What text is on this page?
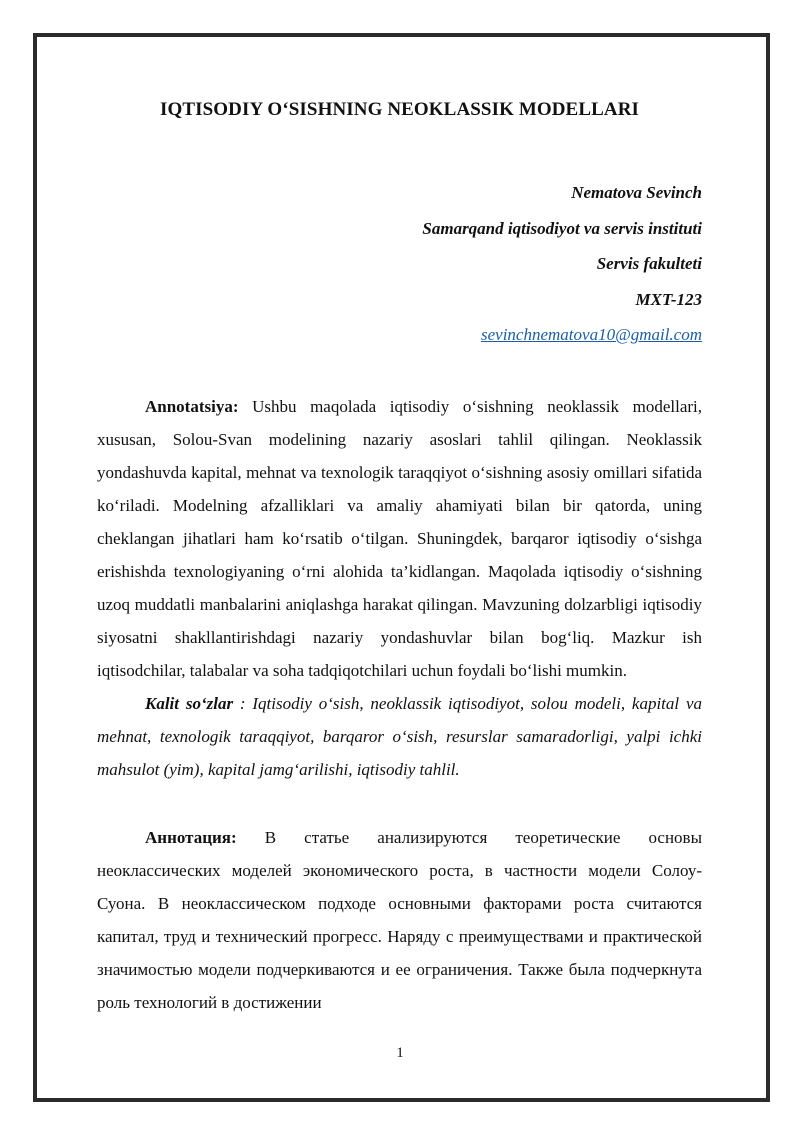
IQTISODIY O‘SISHNING NEOKLASSIK MODELLARI
Nematova Sevinch
Samarqand iqtisodiyot va servis instituti
Servis fakulteti
MXT-123
sevinchnematova10@gmail.com

Annotatsiya: Ushbu maqolada iqtisodiy o‘sishning neoklassik modellari, xususan, Solou-Svan modelining nazariy asoslari tahlil qilingan. Neoklassik yondashuvda kapital, mehnat va texnologik taraqqiyot o‘sishning asosiy omillari sifatida ko‘riladi. Modelning afzalliklari va amaliy ahamiyati bilan bir qatorda, uning cheklangan jihatlari ham ko‘rsatib o‘tilgan. Shuningdek, barqaror iqtisodiy o‘sishga erishishda texnologiyaning o‘rni alohida ta’kidlangan. Maqolada iqtisodiy o‘sishning uzoq muddatli manbalarini aniqlashga harakat qilingan. Mavzuning dolzarbligi iqtisodiy siyosatni shakllantirishdagi nazariy yondashuvlar bilan bog‘liq. Mazkur ish iqtisodchilar, talabalar va soha tadqiqotchilari uchun foydali bo‘lishi mumkin.

Kalit so‘zlar : Iqtisodiy o‘sish, neoklassik iqtisodiyot, solou modeli, kapital va mehnat, texnologik taraqqiyot, barqaror o‘sish, resurslar samaradorligi, yalpi ichki mahsulot (yim), kapital jamg‘arilishi, iqtisodiy tahlil.

Аннотация: В статье анализируются теоретические основы неоклассических моделей экономического роста, в частности модели Солоу-Суона. В неоклассическом подходе основными факторами роста считаются капитал, труд и технический прогресс. Наряду с преимуществами и практической значимостью модели подчеркиваются и ее ограничения. Также была подчеркнута роль технологий в достижении

1
